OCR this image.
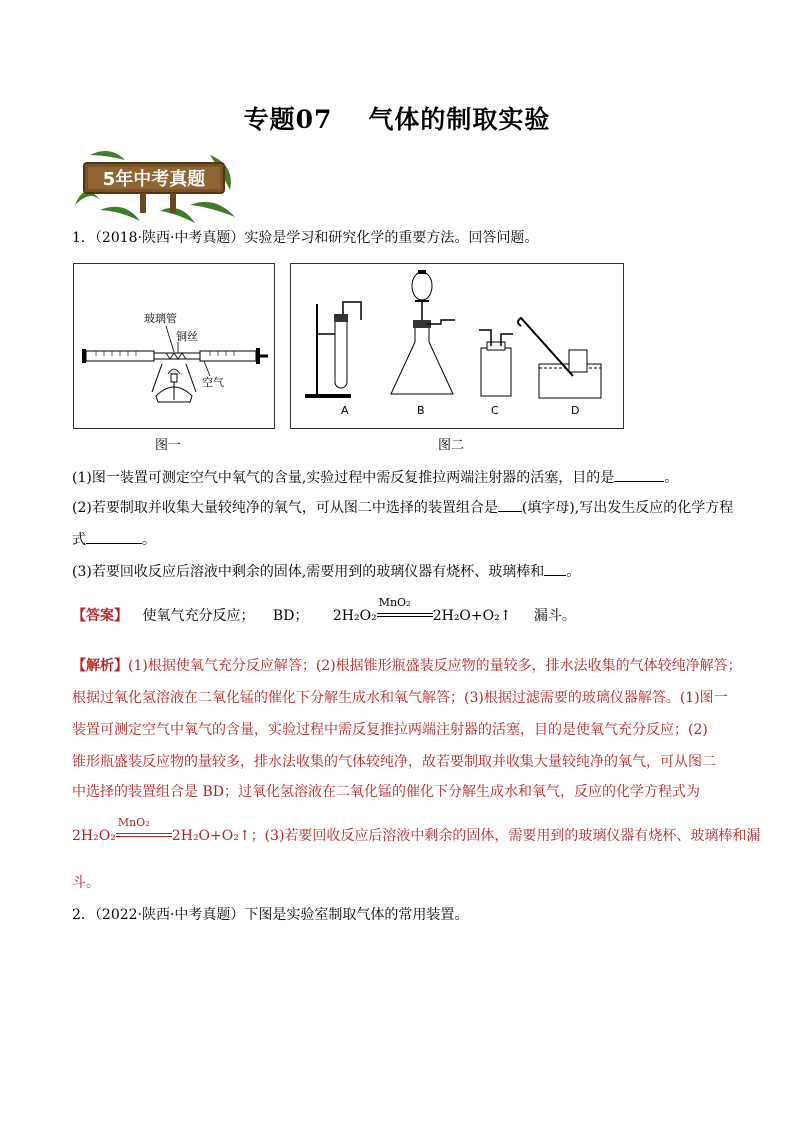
专题07 气体的制取实验
5年中考真题
1．（2018·陕西·中考真题）实验是学习和研究化学的重要方法。回答问题。
玻璃管
铜丝
空气
图一
A	B	C	D
图二
(1)图一装置可测定空气中氧气的含量,实验过程中需反复推拉两端注射器的活塞，目的是	。
(2)若要制取并收集大量较纯净的氧气，可从图二中选择的装置组合是 (填字母),写出发生反应的化学方程
式	。
(3)若要回收反应后溶液中剩余的固体,需要用到的玻璃仪器有烧杯、玻璃棒和 。
【答案】 使氧气充分反应； BD； 2H₂O₂
MnO₂
2H₂O+O₂↑ 漏斗。
【解析】(1)根据使氧气充分反应解答；(2)根据锥形瓶盛装反应物的量较多，排水法收集的气体较纯净解答；
根据过氧化氢溶液在二氧化锰的催化下分解生成水和氧气解答；(3)根据过滤需要的玻璃仪器解答。(1)图一
装置可测定空气中氧气的含量，实验过程中需反复推拉两端注射器的活塞，目的是使氧气充分反应；(2)
锥形瓶盛装反应物的量较多，排水法收集的气体较纯净，故若要制取并收集大量较纯净的氧气，可从图二
中选择的装置组合是 BD；过氧化氢溶液在二氧化锰的催化下分解生成水和氧气，反应的化学方程式为
2H₂O₂
MnO₂
2H₂O+O₂↑；(3)若要回收反应后溶液中剩余的固体，需要用到的玻璃仪器有烧杯、玻璃棒和漏
斗。
2．（2022·陕西·中考真题）下图是实验室制取气体的常用装置。
